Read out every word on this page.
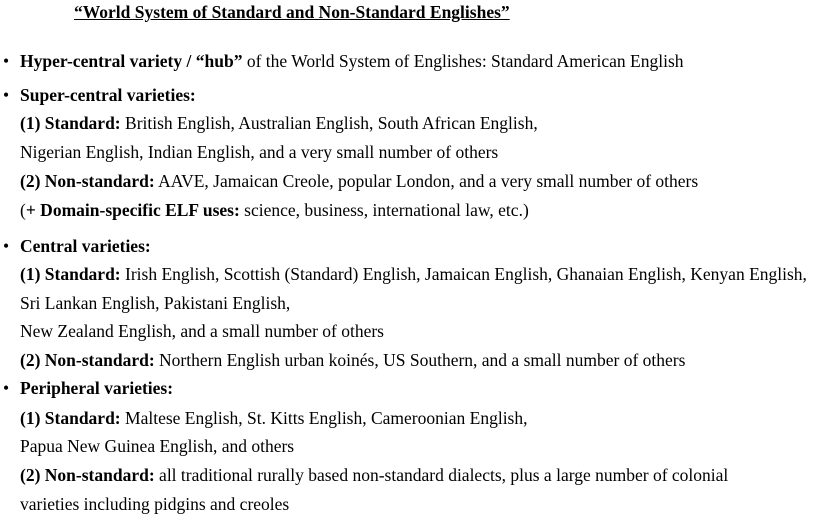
“World System of Standard and Non-Standard Englishes”
• Hyper-central variety / “hub” of the World System of Englishes: Standard American English
• Super-central varieties:
(1) Standard: British English, Australian English, South African English,
Nigerian English, Indian English, and a very small number of others
(2) Non-standard: AAVE, Jamaican Creole, popular London, and a very small number of others
(+ Domain-specific ELF uses: science, business, international law, etc.)
• Central varieties:
(1) Standard: Irish English, Scottish (Standard) English, Jamaican English, Ghanaian English, Kenyan English,
Sri Lankan English, Pakistani English,
New Zealand English, and a small number of others
(2) Non-standard: Northern English urban koinés, US Southern, and a small number of others
• Peripheral varieties:
(1) Standard: Maltese English, St. Kitts English, Cameroonian English,
Papua New Guinea English, and others
(2) Non-standard: all traditional rurally based non-standard dialects, plus a large number of colonial
varieties including pidgins and creoles
